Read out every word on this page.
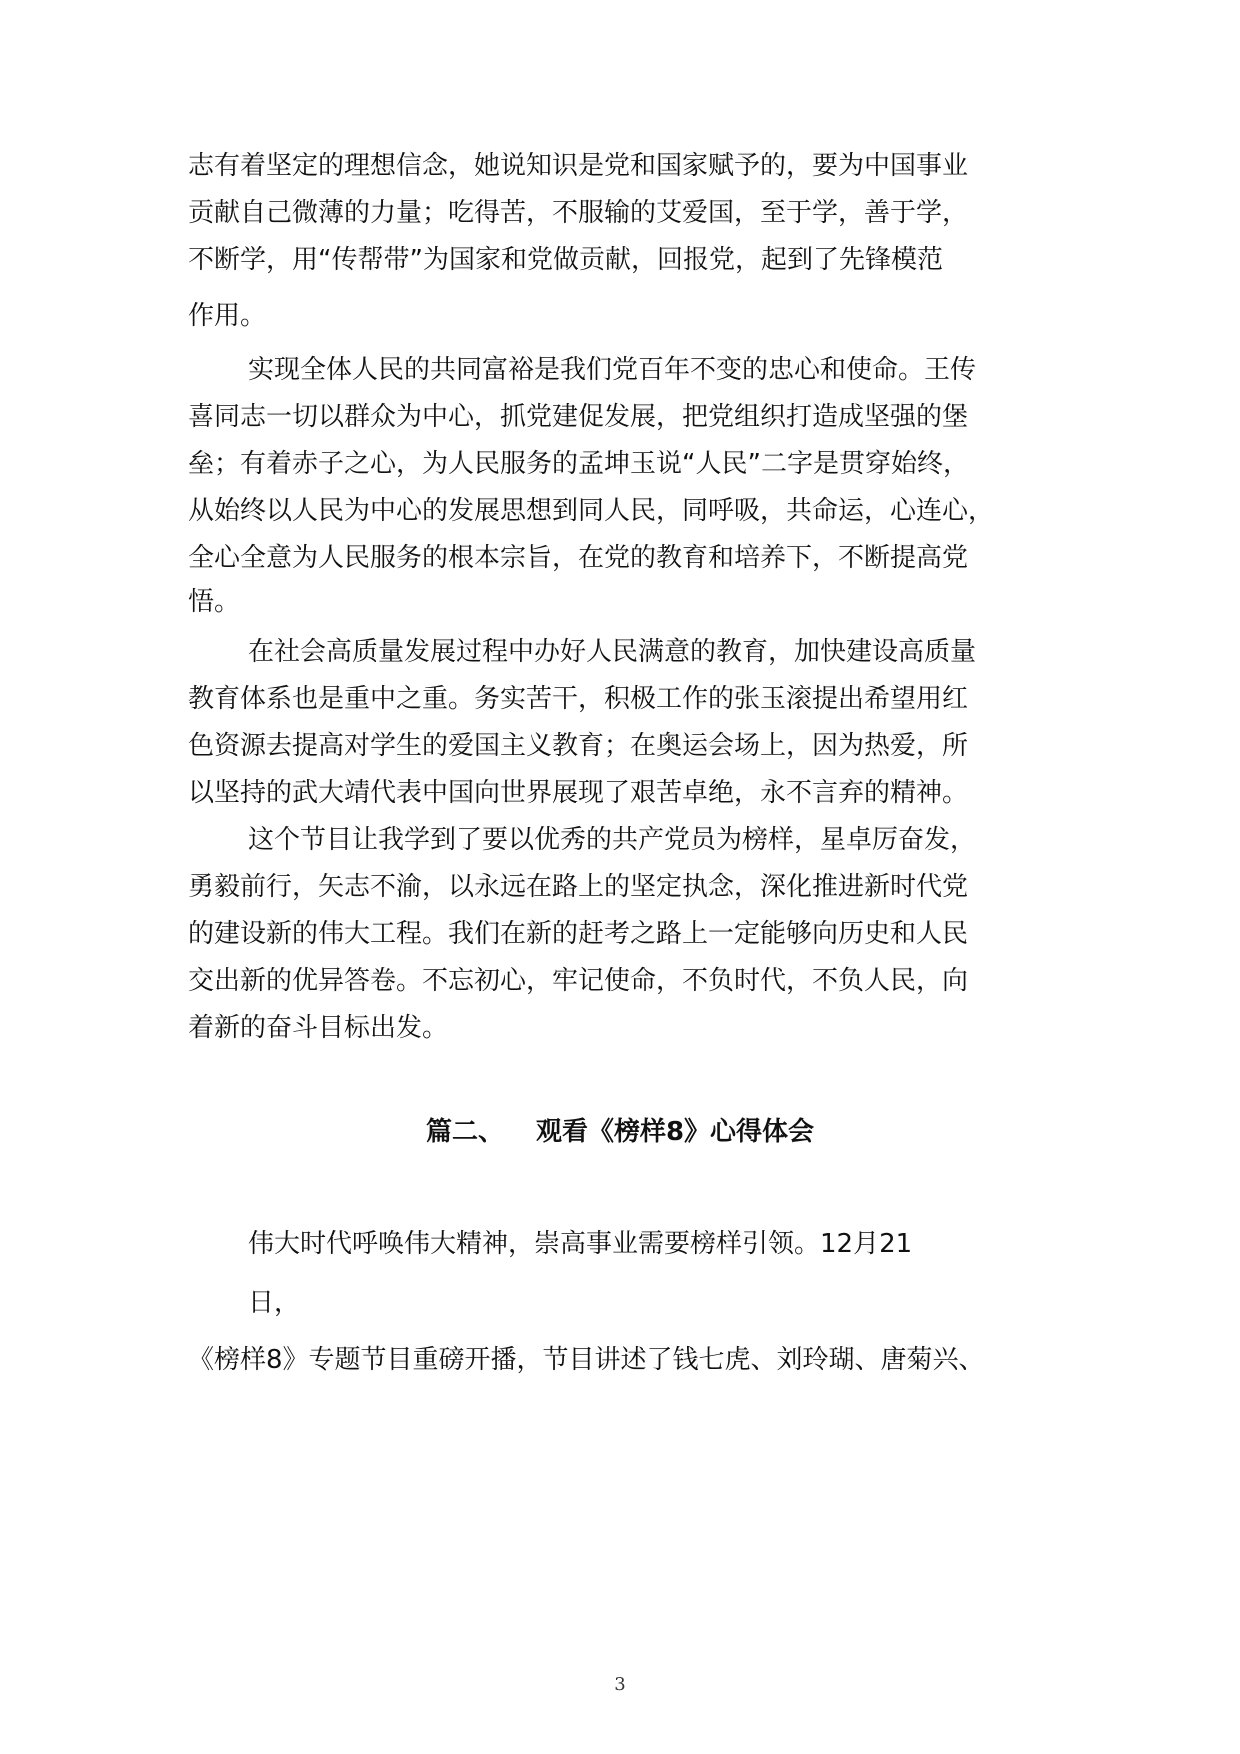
志有着坚定的理想信念，她说知识是党和国家赋予的，要为中国事业
贡献自己微薄的力量；吃得苦，不服输的艾爱国，至于学，善于学，
不断学，用“传帮带”为国家和党做贡献，回报党，起到了先锋模范
作用。
实现全体人民的共同富裕是我们党百年不变的忠心和使命。王传
喜同志一切以群众为中心，抓党建促发展，把党组织打造成坚强的堡
垒；有着赤子之心，为人民服务的孟坤玉说“人民”二字是贯穿始终，
从始终以人民为中心的发展思想到同人民，同呼吸，共命运，心连心，
全心全意为人民服务的根本宗旨，在党的教育和培养下，不断提高党
悟。
在社会高质量发展过程中办好人民满意的教育，加快建设高质量
教育体系也是重中之重。务实苦干，积极工作的张玉滚提出希望用红
色资源去提高对学生的爱国主义教育；在奥运会场上，因为热爱，所
以坚持的武大靖代表中国向世界展现了艰苦卓绝，永不言弃的精神。
这个节目让我学到了要以优秀的共产党员为榜样，星卓厉奋发，
勇毅前行，矢志不渝，以永远在路上的坚定执念，深化推进新时代党
的建设新的伟大工程。我们在新的赶考之路上一定能够向历史和人民
交出新的优异答卷。不忘初心，牢记使命，不负时代，不负人民，向
着新的奋斗目标出发。
篇二、 观看《榜样8》心得体会
伟大时代呼唤伟大精神，崇高事业需要榜样引领。12月21
日，
《榜样8》专题节目重磅开播，节目讲述了钱七虎、刘玲瑚、唐菊兴、
3
